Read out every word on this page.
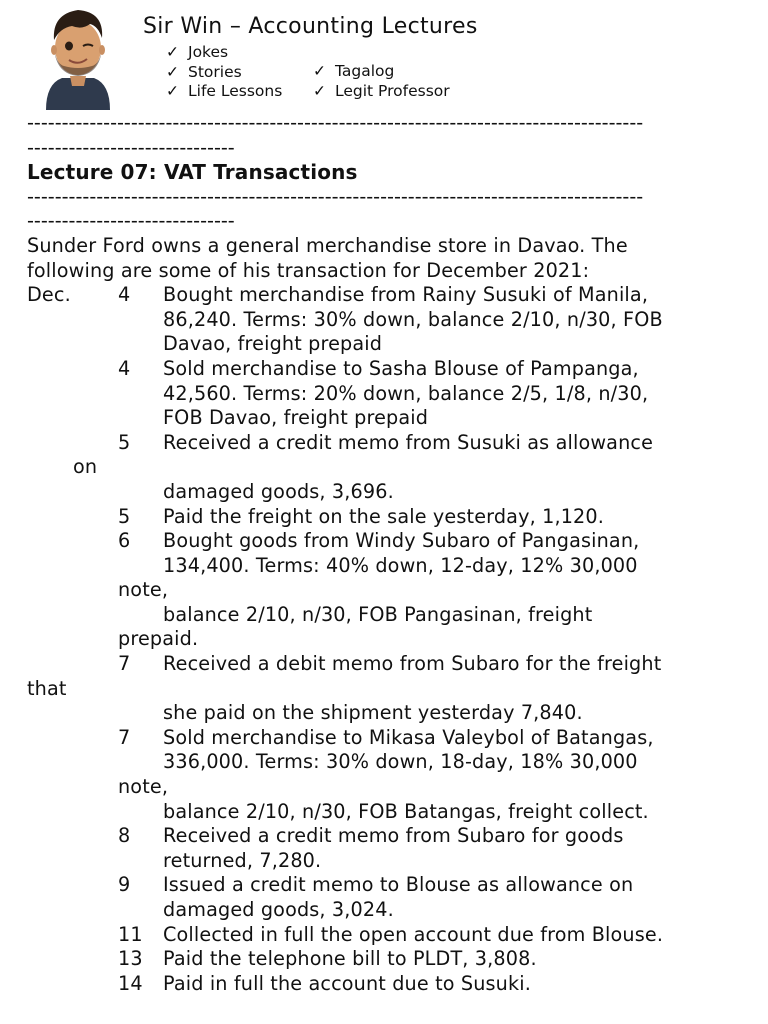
Sir Win – Accounting Lectures
✓ Jokes
✓ Stories
✓ Life Lessons
✓ Tagalog
✓ Legit Professor
-----------------------------------------------------------------------------------------
------------------------------
Lecture 07: VAT Transactions
-----------------------------------------------------------------------------------------
------------------------------
Sunder Ford owns a general merchandise store in Davao. The
following are some of his transaction for December 2021:
Dec. 4 Bought merchandise from Rainy Susuki of Manila,
86,240. Terms: 30% down, balance 2/10, n/30, FOB
Davao, freight prepaid
4 Sold merchandise to Sasha Blouse of Pampanga,
42,560. Terms: 20% down, balance 2/5, 1/8, n/30,
FOB Davao, freight prepaid
5 Received a credit memo from Susuki as allowance
on
damaged goods, 3,696.
5 Paid the freight on the sale yesterday, 1,120.
6 Bought goods from Windy Subaro of Pangasinan,
134,400. Terms: 40% down, 12-day, 12% 30,000
note,
balance 2/10, n/30, FOB Pangasinan, freight
prepaid.
7 Received a debit memo from Subaro for the freight
that
she paid on the shipment yesterday 7,840.
7 Sold merchandise to Mikasa Valeybol of Batangas,
336,000. Terms: 30% down, 18-day, 18% 30,000
note,
balance 2/10, n/30, FOB Batangas, freight collect.
8 Received a credit memo from Subaro for goods
returned, 7,280.
9 Issued a credit memo to Blouse as allowance on
damaged goods, 3,024.
11 Collected in full the open account due from Blouse.
13 Paid the telephone bill to PLDT, 3,808.
14 Paid in full the account due to Susuki.
